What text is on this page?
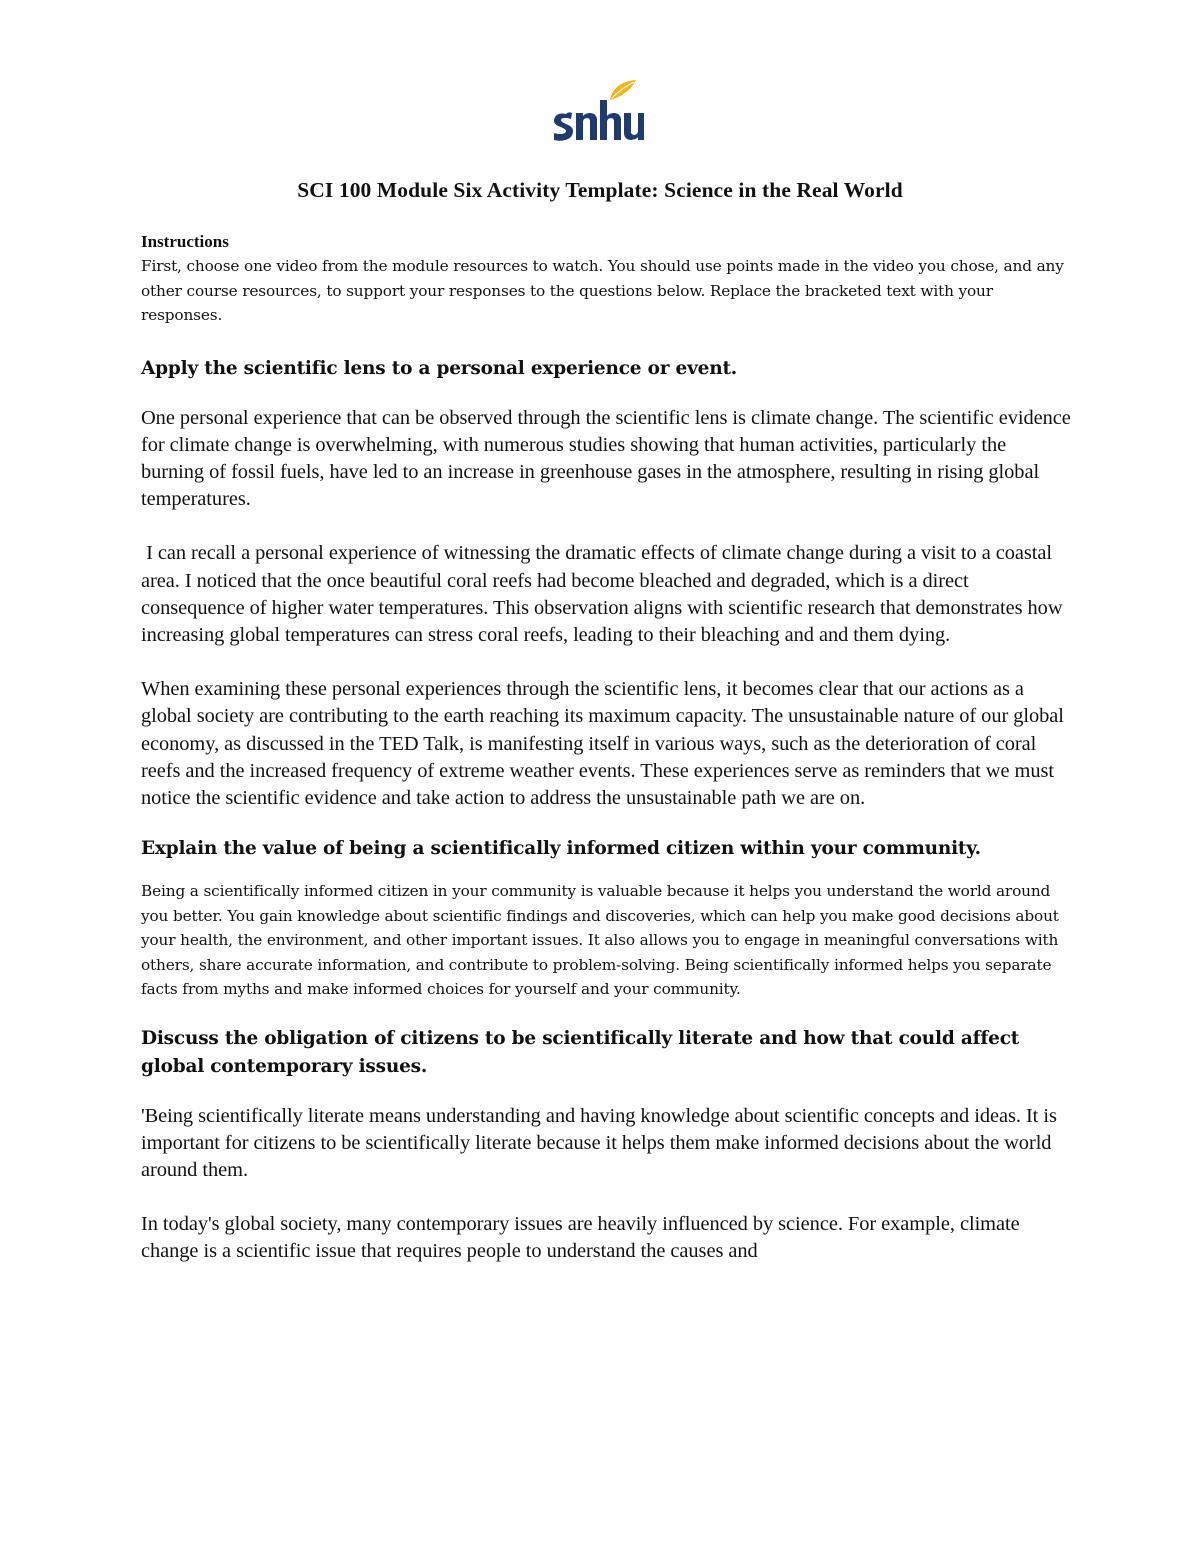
SCI 100 Module Six Activity Template: Science in the Real World

Instructions

First, choose one video from the module resources to watch. You should use points made in the video you chose, and any other course resources, to support your responses to the questions below. Replace the bracketed text with your responses.

Apply the scientific lens to a personal experience or event.

One personal experience that can be observed through the scientific lens is climate change. The scientific evidence for climate change is overwhelming, with numerous studies showing that human activities, particularly the burning of fossil fuels, have led to an increase in greenhouse gases in the atmosphere, resulting in rising global temperatures.

I can recall a personal experience of witnessing the dramatic effects of climate change during a visit to a coastal area. I noticed that the once beautiful coral reefs had become bleached and degraded, which is a direct consequence of higher water temperatures. This observation aligns with scientific research that demonstrates how increasing global temperatures can stress coral reefs, leading to their bleaching and and them dying.

When examining these personal experiences through the scientific lens, it becomes clear that our actions as a global society are contributing to the earth reaching its maximum capacity. The unsustainable nature of our global economy, as discussed in the TED Talk, is manifesting itself in various ways, such as the deterioration of coral reefs and the increased frequency of extreme weather events. These experiences serve as reminders that we must notice the scientific evidence and take action to address the unsustainable path we are on.

Explain the value of being a scientifically informed citizen within your community.

Being a scientifically informed citizen in your community is valuable because it helps you understand the world around you better. You gain knowledge about scientific findings and discoveries, which can help you make good decisions about your health, the environment, and other important issues. It also allows you to engage in meaningful conversations with others, share accurate information, and contribute to problem-solving. Being scientifically informed helps you separate facts from myths and make informed choices for yourself and your community.

Discuss the obligation of citizens to be scientifically literate and how that could affect global contemporary issues.

'Being scientifically literate means understanding and having knowledge about scientific concepts and ideas. It is important for citizens to be scientifically literate because it helps them make informed decisions about the world around them.

In today's global society, many contemporary issues are heavily influenced by science. For example, climate change is a scientific issue that requires people to understand the causes and
